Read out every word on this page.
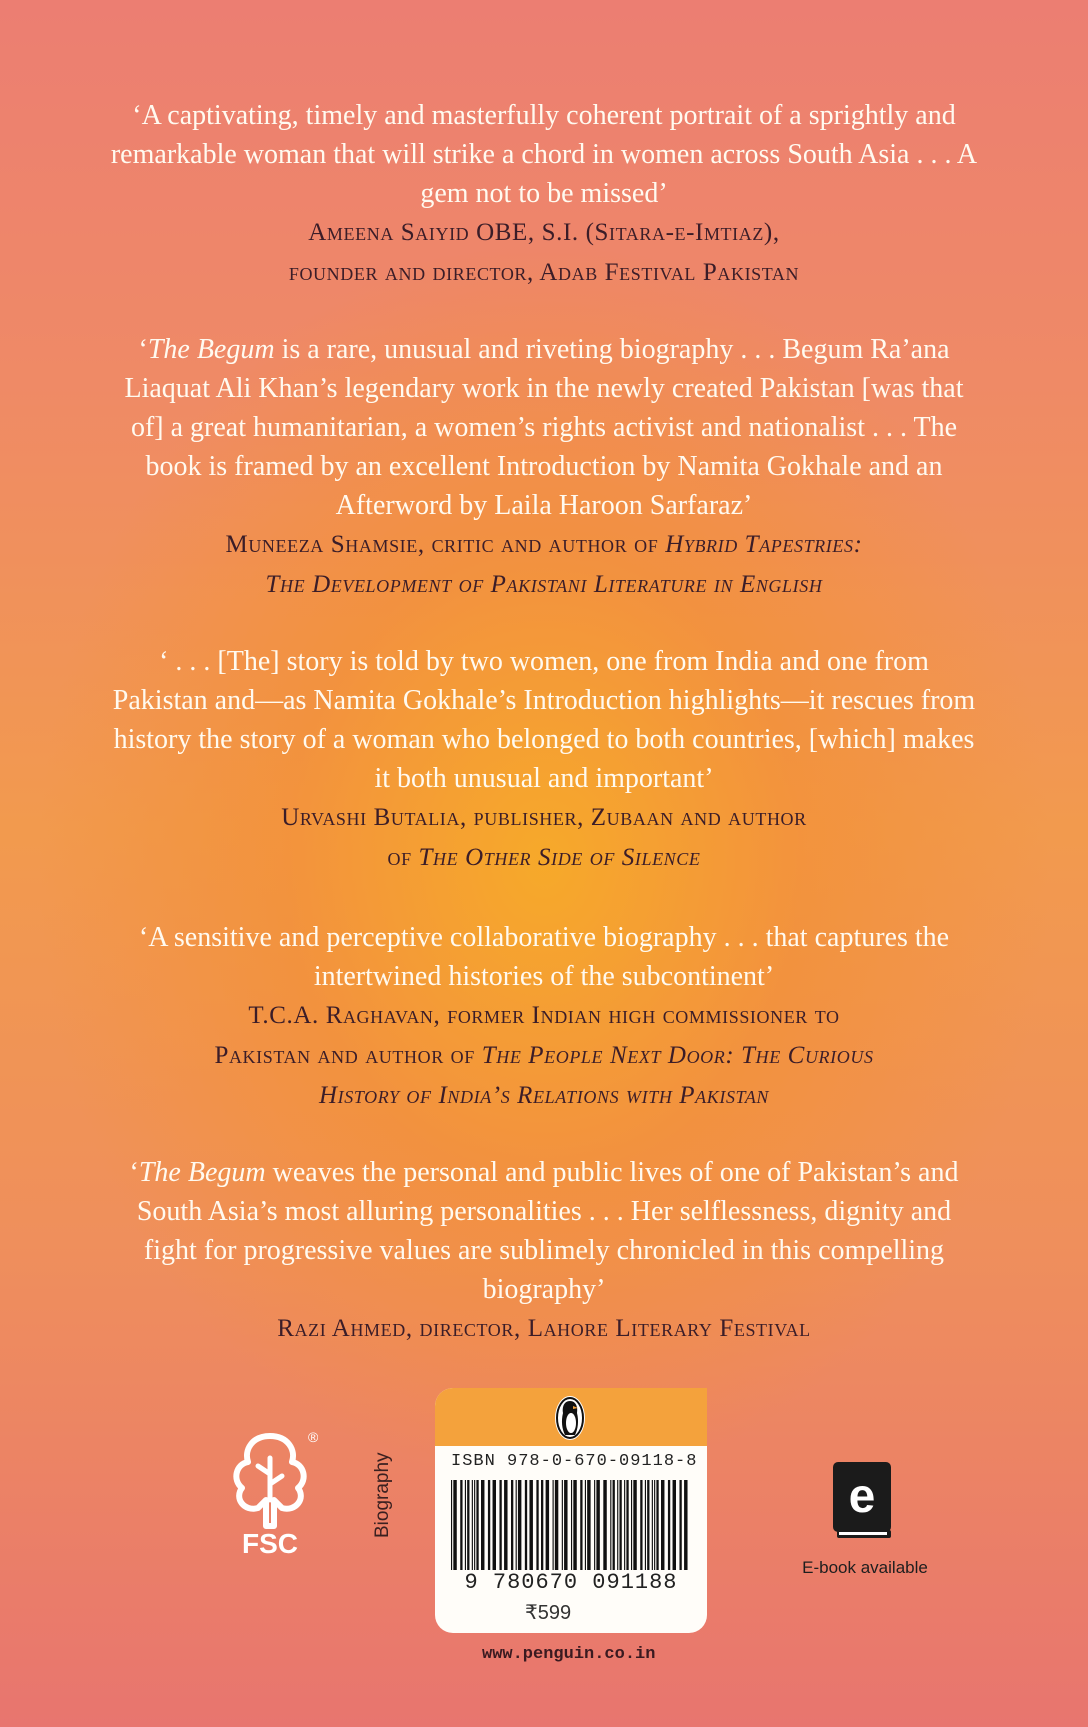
‘A captivating, timely and masterfully coherent portrait of a sprightly and remarkable woman that will strike a chord in women across South Asia . . . A gem not to be missed’

Ameena Saiyid OBE, S.I. (Sitara-e-Imtiaz),
founder and director, Adab Festival Pakistan

‘The Begum is a rare, unusual and riveting biography . . . Begum Ra’ana Liaquat Ali Khan’s legendary work in the newly created Pakistan [was that of] a great humanitarian, a women’s rights activist and nationalist . . . The book is framed by an excellent Introduction by Namita Gokhale and an Afterword by Laila Haroon Sarfaraz’

Muneeza Shamsie, critic and author of Hybrid Tapestries:
The Development of Pakistani Literature in English

‘ . . . [The] story is told by two women, one from India and one from Pakistan and—as Namita Gokhale’s Introduction highlights—it rescues from history the story of a woman who belonged to both countries, [which] makes it both unusual and important’

Urvashi Butalia, publisher, Zubaan and author
of The Other Side of Silence

‘A sensitive and perceptive collaborative biography . . . that captures the intertwined histories of the subcontinent’

T.C.A. Raghavan, former Indian high commissioner to
Pakistan and author of The People Next Door: The Curious
History of India’s Relations with Pakistan

‘The Begum weaves the personal and public lives of one of Pakistan’s and South Asia’s most alluring personalities . . . Her selflessness, dignity and fight for progressive values are sublimely chronicled in this compelling biography’

Razi Ahmed, director, Lahore Literary Festival

®
FSC
Biography	ISBN 978-0-670-09118-8
9 780670 091188
₹599
www.penguin.co.in
e
E-book available
